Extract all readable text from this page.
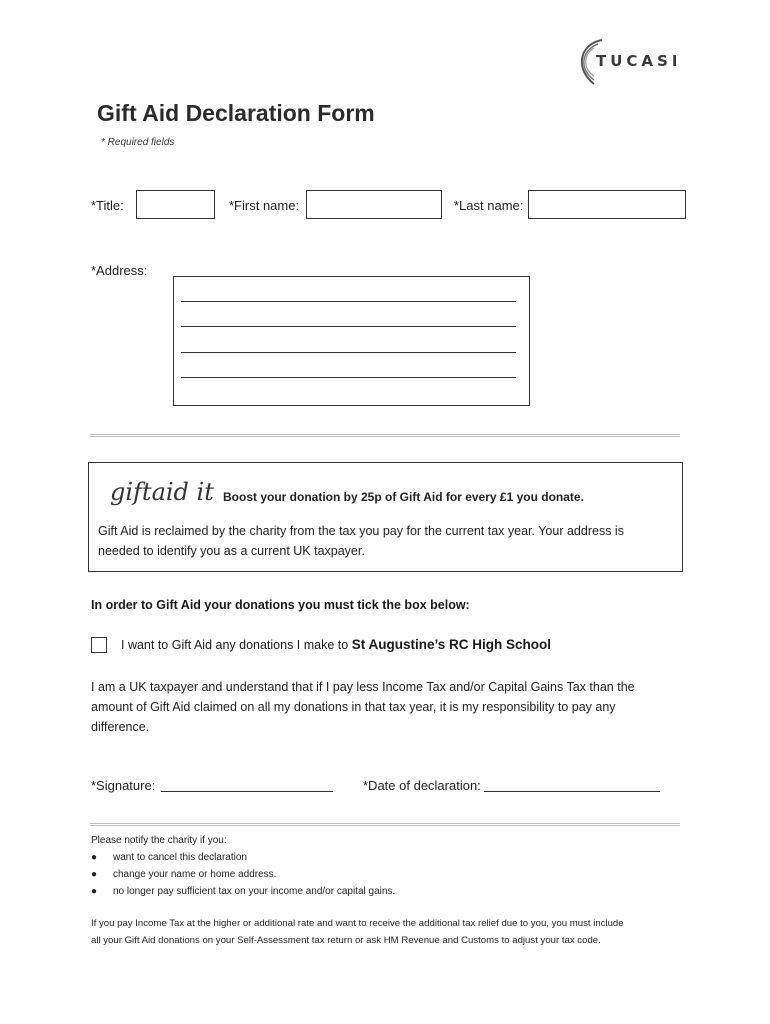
TUCASI
Gift Aid Declaration Form
* Required fields
*Title:	*First name:	*Last name:
*Address:
giftaid it Boost your donation by 25p of Gift Aid for every £1 you donate.
Gift Aid is reclaimed by the charity from the tax you pay for the current tax year. Your address is
needed to identify you as a current UK taxpayer.
In order to Gift Aid your donations you must tick the box below:
I want to Gift Aid any donations I make to St Augustine’s RC High School
I am a UK taxpayer and understand that if I pay less Income Tax and/or Capital Gains Tax than the
amount of Gift Aid claimed on all my donations in that tax year, it is my responsibility to pay any
difference.
*Signature:	*Date of declaration:
Please notify the charity if you:
● want to cancel this declaration
● change your name or home address.
● no longer pay sufficient tax on your income and/or capital gains.
If you pay Income Tax at the higher or additional rate and want to receive the additional tax relief due to you, you must include
all your Gift Aid donations on your Self-Assessment tax return or ask HM Revenue and Customs to adjust your tax code.
